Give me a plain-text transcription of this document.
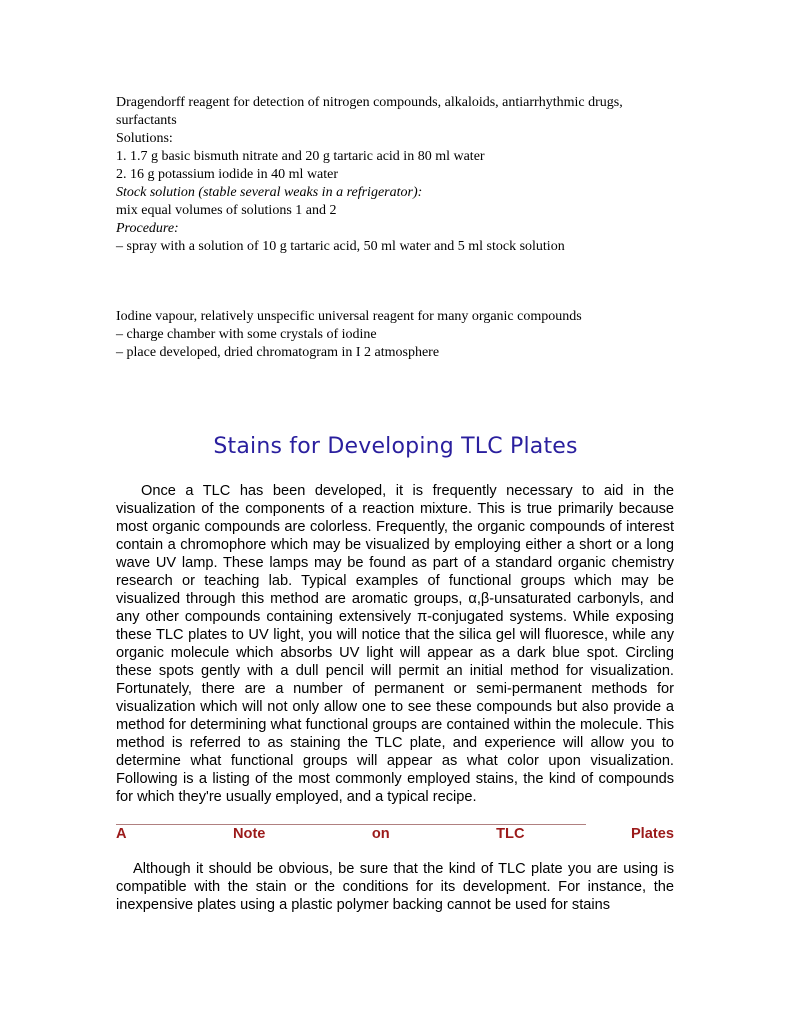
Dragendorff reagent for detection of nitrogen compounds, alkaloids, antiarrhythmic drugs,
surfactants
Solutions:
1. 1.7 g basic bismuth nitrate and 20 g tartaric acid in 80 ml water
2. 16 g potassium iodide in 40 ml water
Stock solution (stable several weaks in a refrigerator):
mix equal volumes of solutions 1 and 2
Procedure:
– spray with a solution of 10 g tartaric acid, 50 ml water and 5 ml stock solution
Iodine vapour, relatively unspecific universal reagent for many organic compounds
– charge chamber with some crystals of iodine
– place developed, dried chromatogram in I 2 atmosphere
Stains for Developing TLC Plates
Once a TLC has been developed, it is frequently necessary to aid in the visualization of the components of a reaction mixture. This is true primarily because most organic compounds are colorless. Frequently, the organic compounds of interest contain a chromophore which may be visualized by employing either a short or a long wave UV lamp. These lamps may be found as part of a standard organic chemistry research or teaching lab. Typical examples of functional groups which may be visualized through this method are aromatic groups, α,β-unsaturated carbonyls, and any other compounds containing extensively π-conjugated systems. While exposing these TLC plates to UV light, you will notice that the silica gel will fluoresce, while any organic molecule which absorbs UV light will appear as a dark blue spot. Circling these spots gently with a dull pencil will permit an initial method for visualization. Fortunately, there are a number of permanent or semi-permanent methods for visualization which will not only allow one to see these compounds but also provide a method for determining what functional groups are contained within the molecule. This method is referred to as staining the TLC plate, and experience will allow you to determine what functional groups will appear as what color upon visualization. Following is a listing of the most commonly employed stains, the kind of compounds for which they're usually employed, and a typical recipe.
A	Note	on	TLC	Plates
Although it should be obvious, be sure that the kind of TLC plate you are using is compatible with the stain or the conditions for its development. For instance, the inexpensive plates using a plastic polymer backing cannot be used for stains
